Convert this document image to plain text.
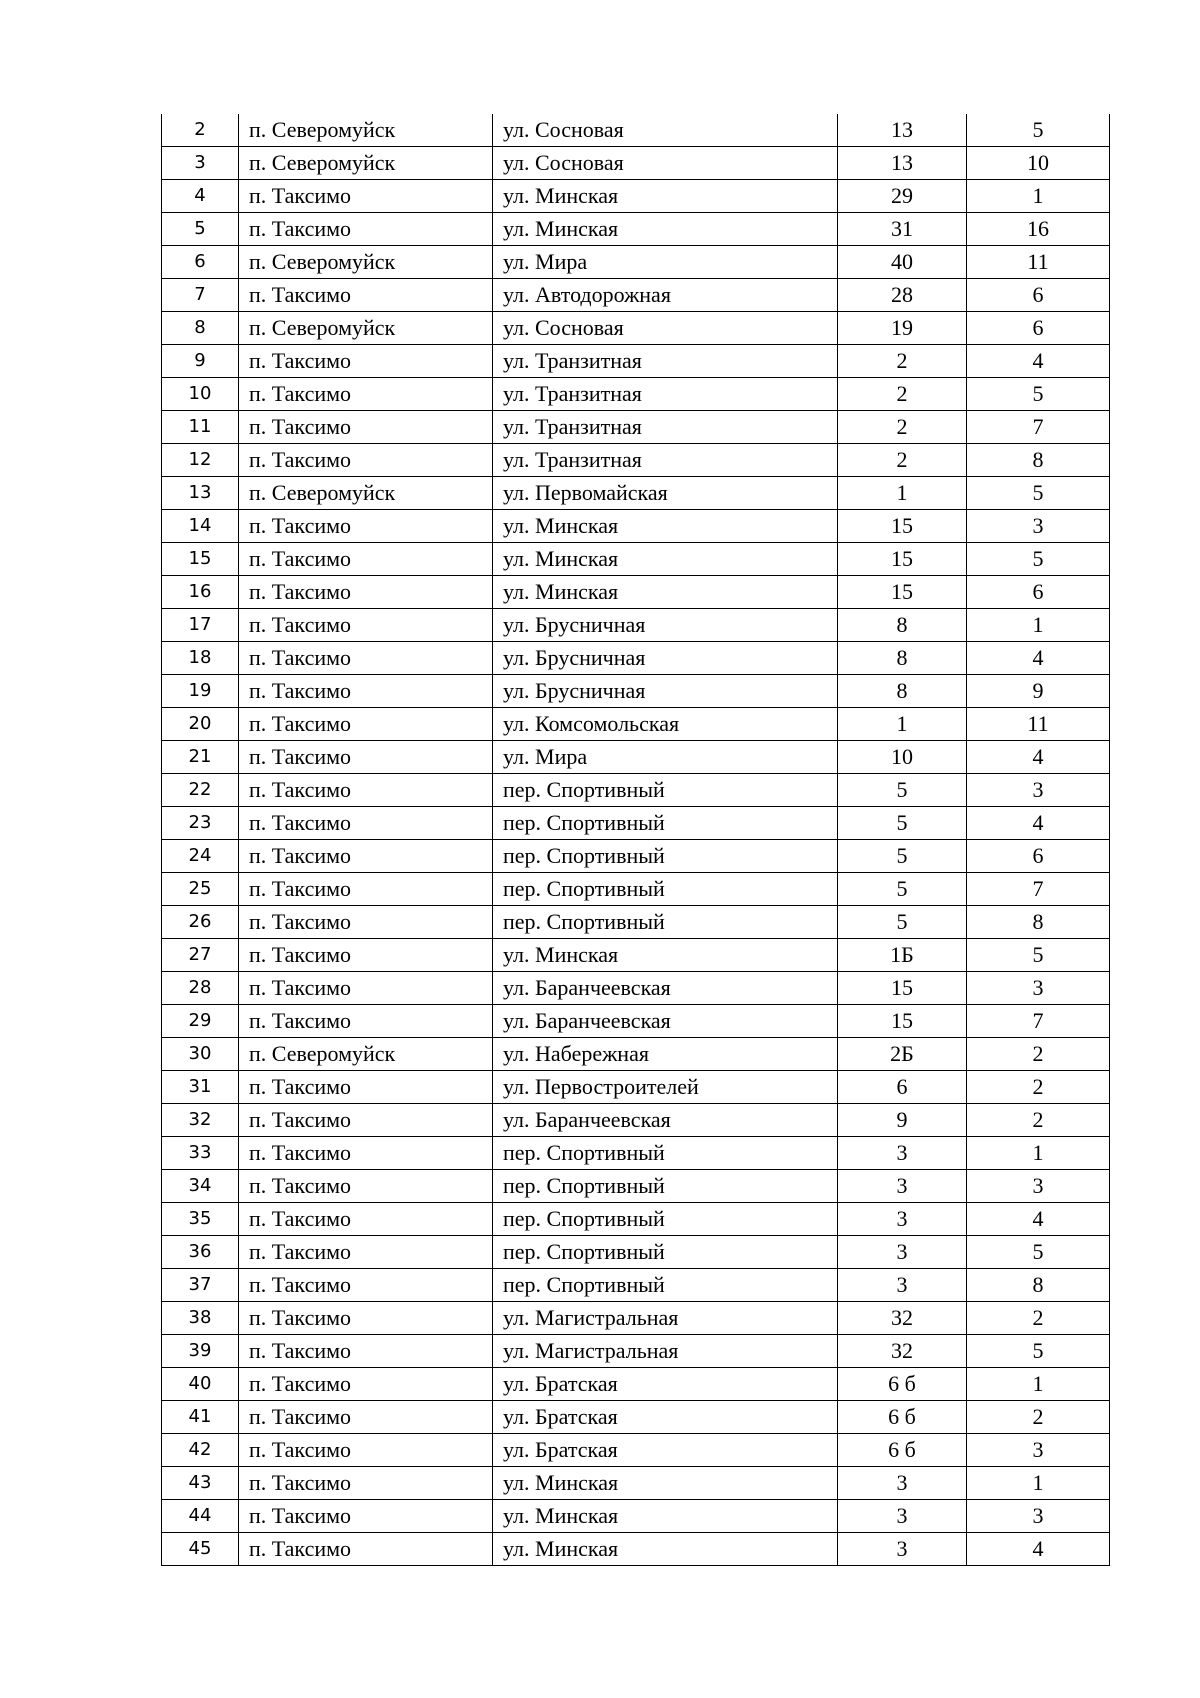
2	п. Северомуйск	ул. Сосновая	13	5
3	п. Северомуйск	ул. Сосновая	13	10
4	п. Таксимо	ул. Минская	29	1
5	п. Таксимо	ул. Минская	31	16
6	п. Северомуйск	ул. Мира	40	11
7	п. Таксимо	ул. Автодорожная	28	6
8	п. Северомуйск	ул. Сосновая	19	6
9	п. Таксимо	ул. Транзитная	2	4
10	п. Таксимо	ул. Транзитная	2	5
11	п. Таксимо	ул. Транзитная	2	7
12	п. Таксимо	ул. Транзитная	2	8
13	п. Северомуйск	ул. Первомайская	1	5
14	п. Таксимо	ул. Минская	15	3
15	п. Таксимо	ул. Минская	15	5
16	п. Таксимо	ул. Минская	15	6
17	п. Таксимо	ул. Брусничная	8	1
18	п. Таксимо	ул. Брусничная	8	4
19	п. Таксимо	ул. Брусничная	8	9
20	п. Таксимо	ул. Комсомольская	1	11
21	п. Таксимо	ул. Мира	10	4
22	п. Таксимо	пер. Спортивный	5	3
23	п. Таксимо	пер. Спортивный	5	4
24	п. Таксимо	пер. Спортивный	5	6
25	п. Таксимо	пер. Спортивный	5	7
26	п. Таксимо	пер. Спортивный	5	8
27	п. Таксимо	ул. Минская	1Б	5
28	п. Таксимо	ул. Баранчеевская	15	3
29	п. Таксимо	ул. Баранчеевская	15	7
30	п. Северомуйск	ул. Набережная	2Б	2
31	п. Таксимо	ул. Первостроителей	6	2
32	п. Таксимо	ул. Баранчеевская	9	2
33	п. Таксимо	пер. Спортивный	3	1
34	п. Таксимо	пер. Спортивный	3	3
35	п. Таксимо	пер. Спортивный	3	4
36	п. Таксимо	пер. Спортивный	3	5
37	п. Таксимо	пер. Спортивный	3	8
38	п. Таксимо	ул. Магистральная	32	2
39	п. Таксимо	ул. Магистральная	32	5
40	п. Таксимо	ул. Братская	6 б	1
41	п. Таксимо	ул. Братская	6 б	2
42	п. Таксимо	ул. Братская	6 б	3
43	п. Таксимо	ул. Минская	3	1
44	п. Таксимо	ул. Минская	3	3
45	п. Таксимо	ул. Минская	3	4
